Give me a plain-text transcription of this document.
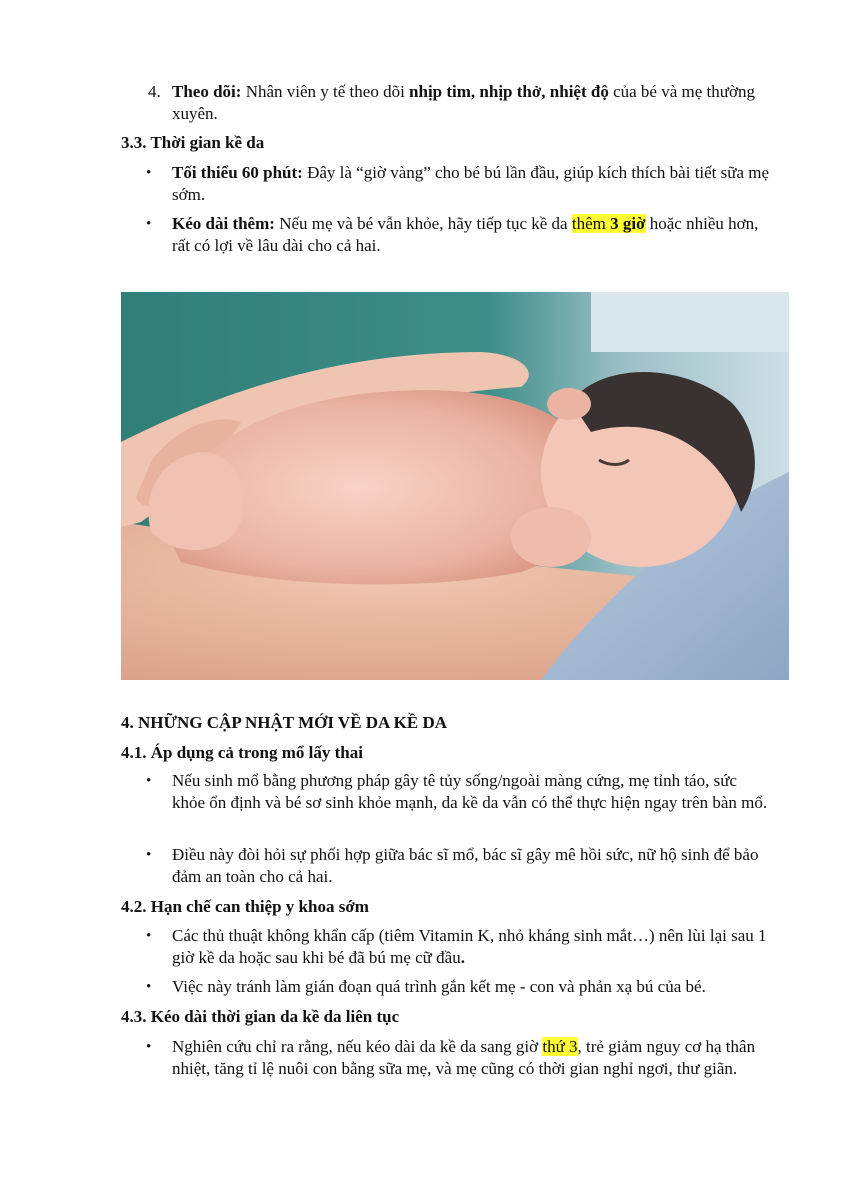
4. Theo dõi: Nhân viên y tế theo dõi nhịp tim, nhịp thở, nhiệt độ của bé và mẹ thường xuyên.
3.3. Thời gian kề da
• Tối thiểu 60 phút: Đây là “giờ vàng” cho bé bú lần đầu, giúp kích thích bài tiết sữa mẹ sớm.
• Kéo dài thêm: Nếu mẹ và bé vẫn khỏe, hãy tiếp tục kề da thêm 3 giờ hoặc nhiều hơn, rất có lợi về lâu dài cho cả hai.
4. NHỮNG CẬP NHẬT MỚI VỀ DA KỀ DA
4.1. Áp dụng cả trong mổ lấy thai
• Nếu sinh mổ bằng phương pháp gây tê tủy sống/ngoài màng cứng, mẹ tỉnh táo, sức khỏe ổn định và bé sơ sinh khỏe mạnh, da kề da vẫn có thể thực hiện ngay trên bàn mổ.
• Điều này đòi hỏi sự phối hợp giữa bác sĩ mổ, bác sĩ gây mê hồi sức, nữ hộ sinh để bảo đảm an toàn cho cả hai.
4.2. Hạn chế can thiệp y khoa sớm
• Các thủ thuật không khẩn cấp (tiêm Vitamin K, nhỏ kháng sinh mắt…) nên lùi lại sau 1 giờ kề da hoặc sau khi bé đã bú mẹ cữ đầu.
• Việc này tránh làm gián đoạn quá trình gắn kết mẹ - con và phản xạ bú của bé.
4.3. Kéo dài thời gian da kề da liên tục
• Nghiên cứu chỉ ra rằng, nếu kéo dài da kề da sang giờ thứ 3, trẻ giảm nguy cơ hạ thân nhiệt, tăng tỉ lệ nuôi con bằng sữa mẹ, và mẹ cũng có thời gian nghỉ ngơi, thư giãn.
